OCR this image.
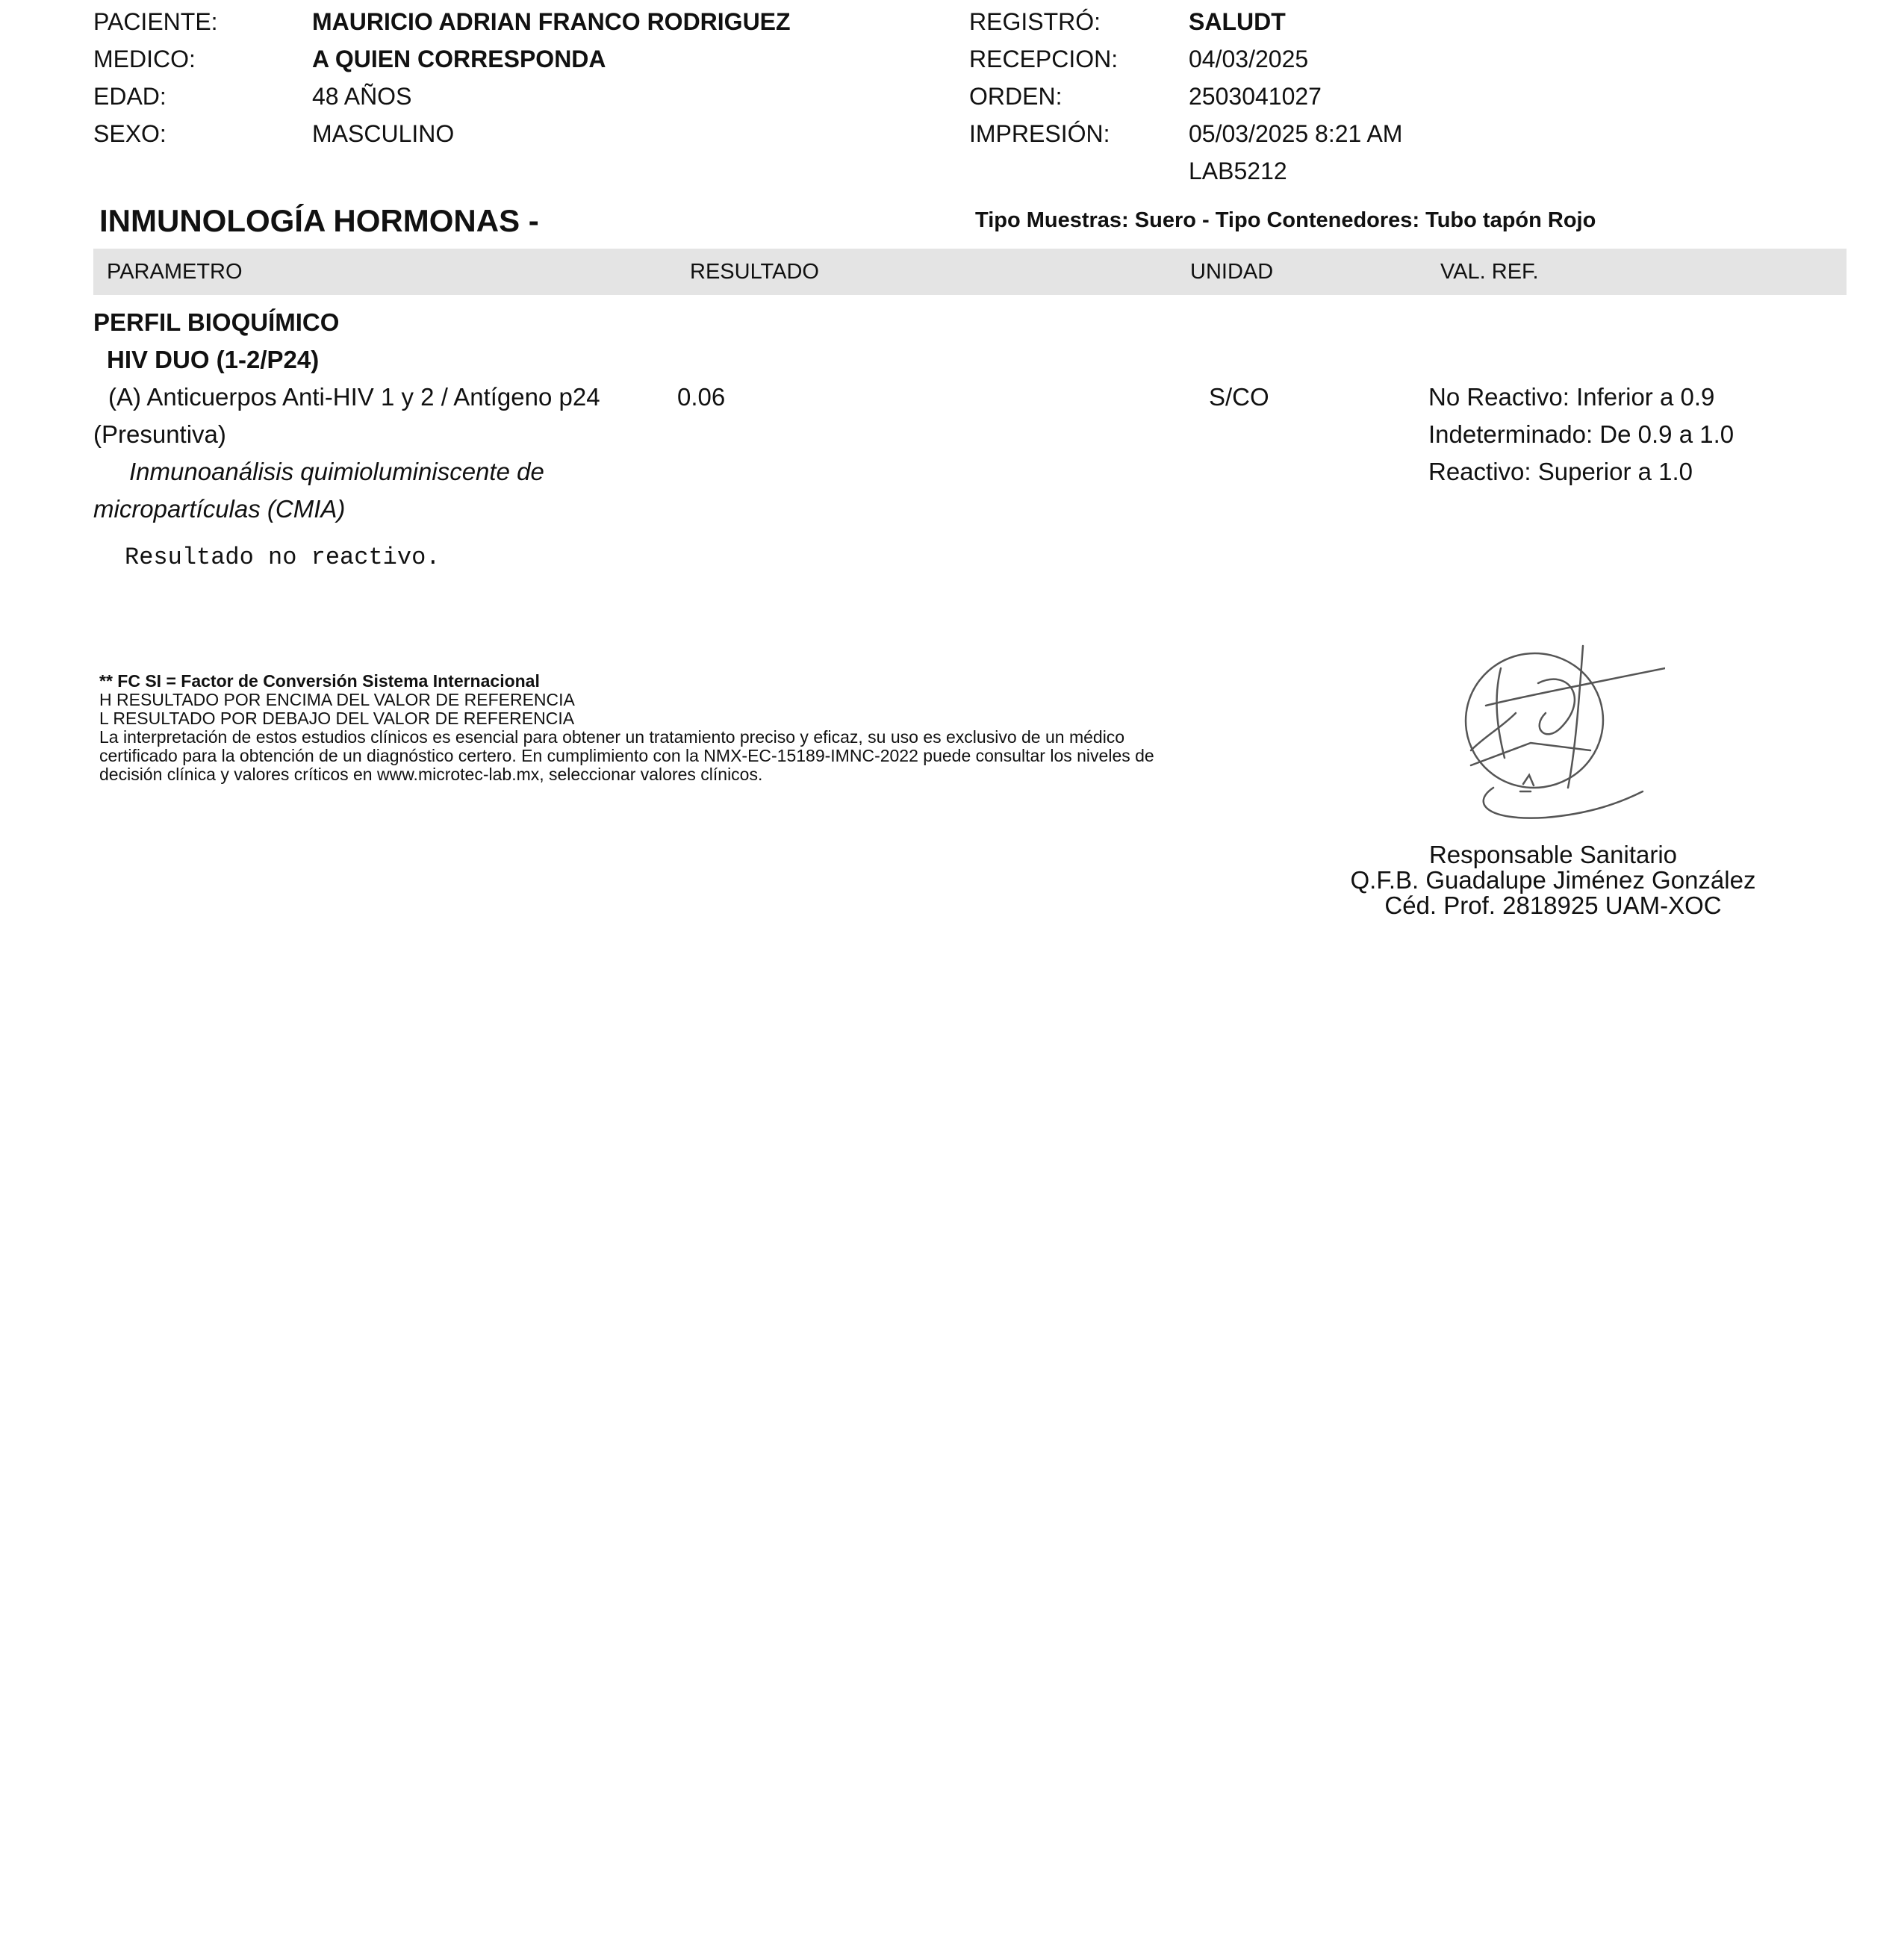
PACIENTE:	MAURICIO ADRIAN FRANCO RODRIGUEZ
MEDICO:	A QUIEN CORRESPONDA
EDAD:	48 AÑOS
SEXO:	MASCULINO
REGISTRÓ:	SALUDT
RECEPCION:	04/03/2025
ORDEN:	2503041027
IMPRESIÓN:	05/03/2025 8:21 AM
LAB5212
INMUNOLOGÍA HORMONAS -	Tipo Muestras: Suero - Tipo Contenedores: Tubo tapón Rojo
PARAMETRO	RESULTADO	UNIDAD	VAL. REF.
PERFIL BIOQUÍMICO
HIV DUO (1-2/P24)
(A) Anticuerpos Anti-HIV 1 y 2 / Antígeno p24
(Presuntiva)
Inmunoanálisis quimioluminiscente de
micropartículas (CMIA)
0.06	S/CO	No Reactivo: Inferior a 0.9
Indeterminado: De 0.9 a 1.0
Reactivo: Superior a 1.0
Resultado no reactivo.
** FC SI = Factor de Conversión Sistema Internacional
H RESULTADO POR ENCIMA DEL VALOR DE REFERENCIA
L RESULTADO POR DEBAJO DEL VALOR DE REFERENCIA
La interpretación de estos estudios clínicos es esencial para obtener un tratamiento preciso y eficaz, su uso es exclusivo de un médico
certificado para la obtención de un diagnóstico certero. En cumplimiento con la NMX-EC-15189-IMNC-2022 puede consultar los niveles de
decisión clínica y valores críticos en www.microtec-lab.mx, seleccionar valores clínicos.
Responsable Sanitario
Q.F.B. Guadalupe Jiménez González
Céd. Prof. 2818925 UAM-XOC
